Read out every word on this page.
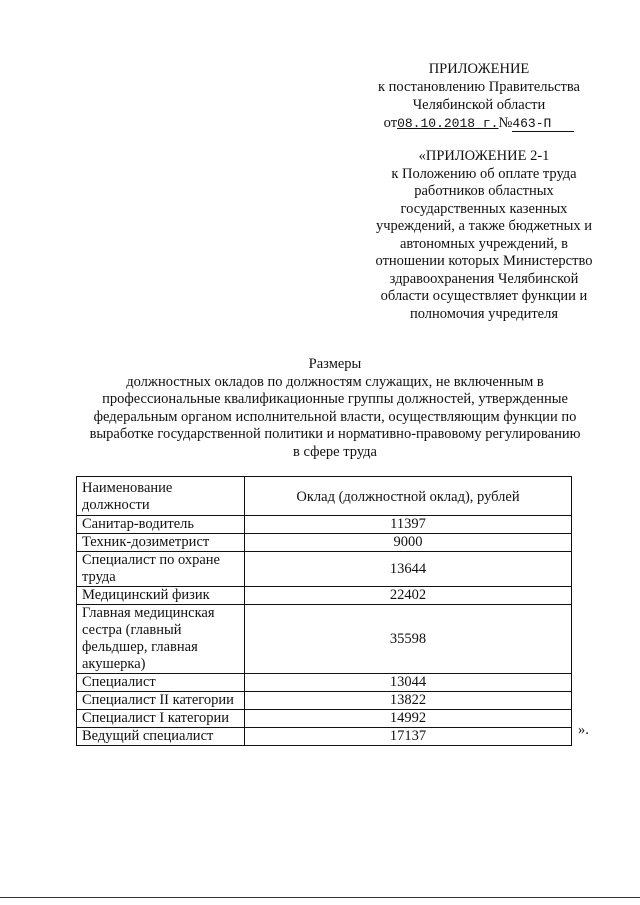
ПРИЛОЖЕНИЕ
к постановлению Правительства
Челябинской области
от08.10.2018 г.№463-П
«ПРИЛОЖЕНИЕ 2-1
к Положению об оплате труда
работников областных
государственных казенных
учреждений, а также бюджетных и
автономных учреждений, в
отношении которых Министерство
здравоохранения Челябинской
области осуществляет функции и
полномочия учредителя
Размеры
должностных окладов по должностям служащих, не включенным в
профессиональные квалификационные группы должностей, утвержденные
федеральным органом исполнительной власти, осуществляющим функции по
выработке государственной политики и нормативно-правовому регулированию
в сфере труда
Наименование должности	Оклад (должностной оклад), рублей
Санитар-водитель	11397
Техник-дозиметрист	9000
Специалист по охране труда	13644
Медицинский физик	22402
Главная медицинская сестра (главный фельдшер, главная акушерка)	35598
Специалист	13044
Специалист II категории	13822
Специалист I категории	14992
Ведущий специалист	17137	».
